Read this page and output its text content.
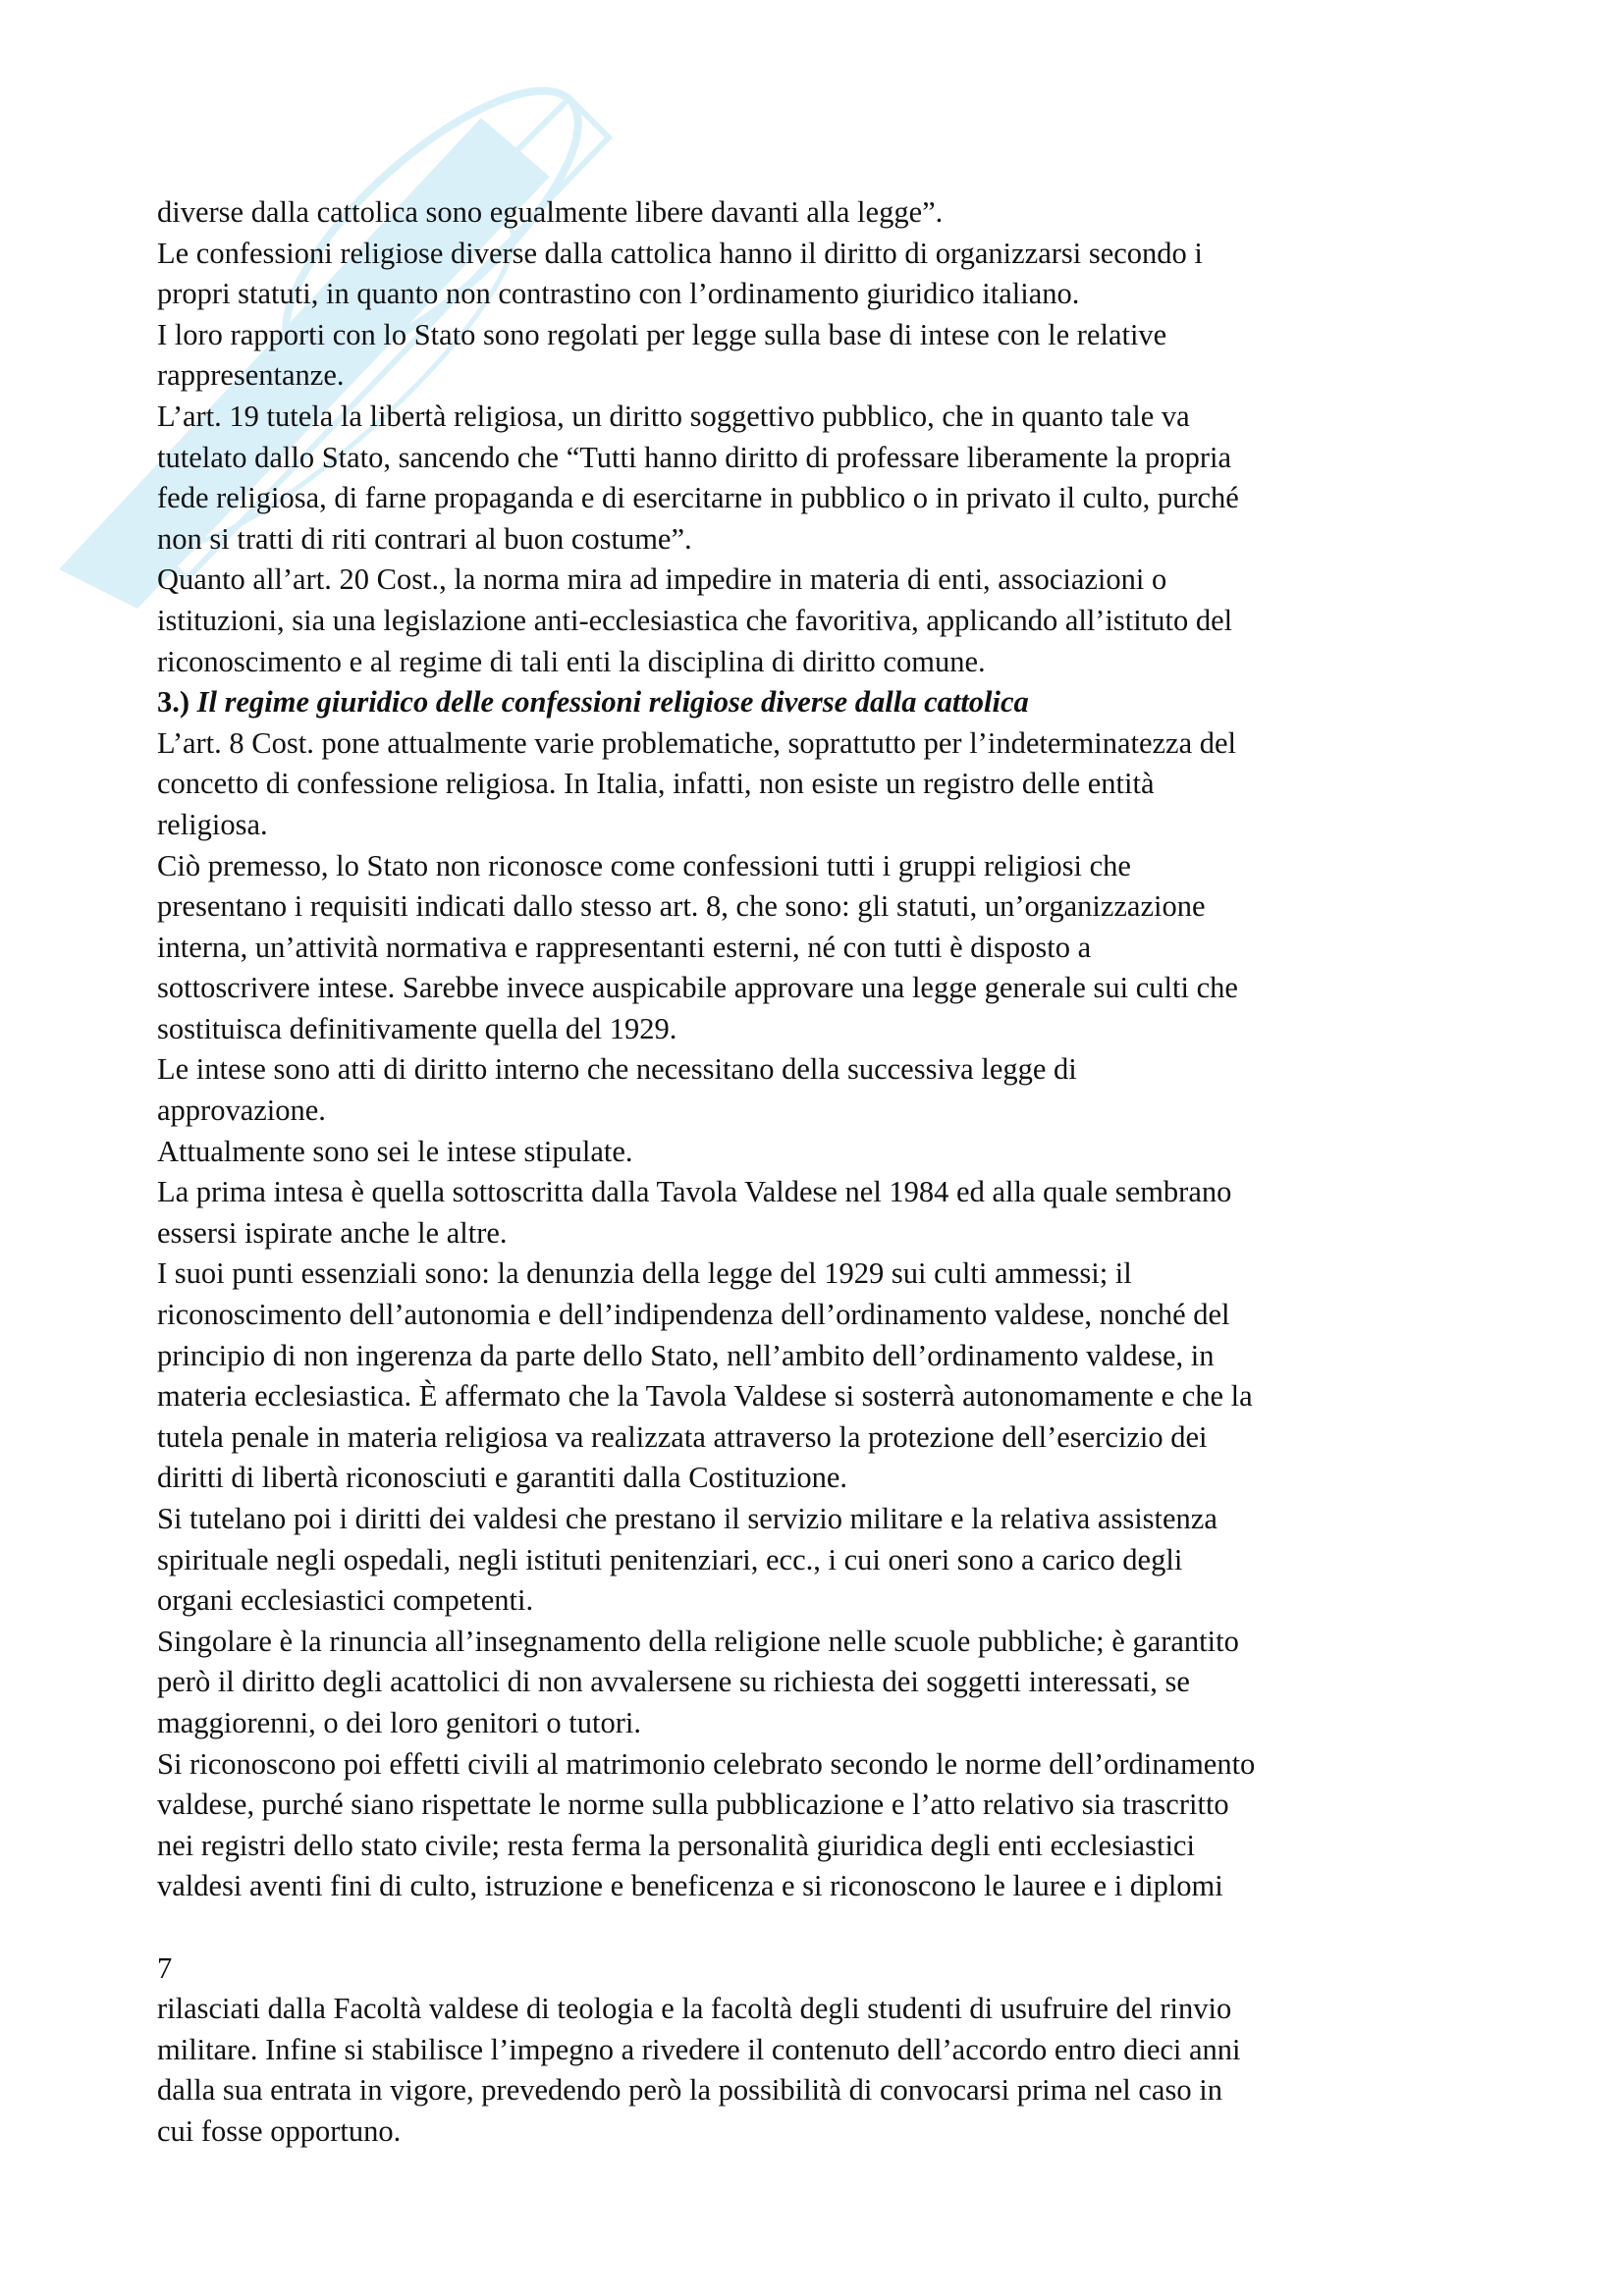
diverse dalla cattolica sono egualmente libere davanti alla legge”.
Le confessioni religiose diverse dalla cattolica hanno il diritto di organizzarsi secondo i
propri statuti, in quanto non contrastino con l’ordinamento giuridico italiano.
I loro rapporti con lo Stato sono regolati per legge sulla base di intese con le relative
rappresentanze.
L’art. 19 tutela la libertà religiosa, un diritto soggettivo pubblico, che in quanto tale va
tutelato dallo Stato, sancendo che “Tutti hanno diritto di professare liberamente la propria
fede religiosa, di farne propaganda e di esercitarne in pubblico o in privato il culto, purché
non si tratti di riti contrari al buon costume”.
Quanto all’art. 20 Cost., la norma mira ad impedire in materia di enti, associazioni o
istituzioni, sia una legislazione anti-ecclesiastica che favoritiva, applicando all’istituto del
riconoscimento e al regime di tali enti la disciplina di diritto comune.
3.) Il regime giuridico delle confessioni religiose diverse dalla cattolica
L’art. 8 Cost. pone attualmente varie problematiche, soprattutto per l’indeterminatezza del
concetto di confessione religiosa. In Italia, infatti, non esiste un registro delle entità
religiosa.
Ciò premesso, lo Stato non riconosce come confessioni tutti i gruppi religiosi che
presentano i requisiti indicati dallo stesso art. 8, che sono: gli statuti, un’organizzazione
interna, un’attività normativa e rappresentanti esterni, né con tutti è disposto a
sottoscrivere intese. Sarebbe invece auspicabile approvare una legge generale sui culti che
sostituisca definitivamente quella del 1929.
Le intese sono atti di diritto interno che necessitano della successiva legge di
approvazione.
Attualmente sono sei le intese stipulate.
La prima intesa è quella sottoscritta dalla Tavola Valdese nel 1984 ed alla quale sembrano
essersi ispirate anche le altre.
I suoi punti essenziali sono: la denunzia della legge del 1929 sui culti ammessi; il
riconoscimento dell’autonomia e dell’indipendenza dell’ordinamento valdese, nonché del
principio di non ingerenza da parte dello Stato, nell’ambito dell’ordinamento valdese, in
materia ecclesiastica. È affermato che la Tavola Valdese si sosterrà autonomamente e che la
tutela penale in materia religiosa va realizzata attraverso la protezione dell’esercizio dei
diritti di libertà riconosciuti e garantiti dalla Costituzione.
Si tutelano poi i diritti dei valdesi che prestano il servizio militare e la relativa assistenza
spirituale negli ospedali, negli istituti penitenziari, ecc., i cui oneri sono a carico degli
organi ecclesiastici competenti.
Singolare è la rinuncia all’insegnamento della religione nelle scuole pubbliche; è garantito
però il diritto degli acattolici di non avvalersene su richiesta dei soggetti interessati, se
maggiorenni, o dei loro genitori o tutori.
Si riconoscono poi effetti civili al matrimonio celebrato secondo le norme dell’ordinamento
valdese, purché siano rispettate le norme sulla pubblicazione e l’atto relativo sia trascritto
nei registri dello stato civile; resta ferma la personalità giuridica degli enti ecclesiastici
valdesi aventi fini di culto, istruzione e beneficenza e si riconoscono le lauree e i diplomi
7
rilasciati dalla Facoltà valdese di teologia e la facoltà degli studenti di usufruire del rinvio
militare. Infine si stabilisce l’impegno a rivedere il contenuto dell’accordo entro dieci anni
dalla sua entrata in vigore, prevedendo però la possibilità di convocarsi prima nel caso in
cui fosse opportuno.
